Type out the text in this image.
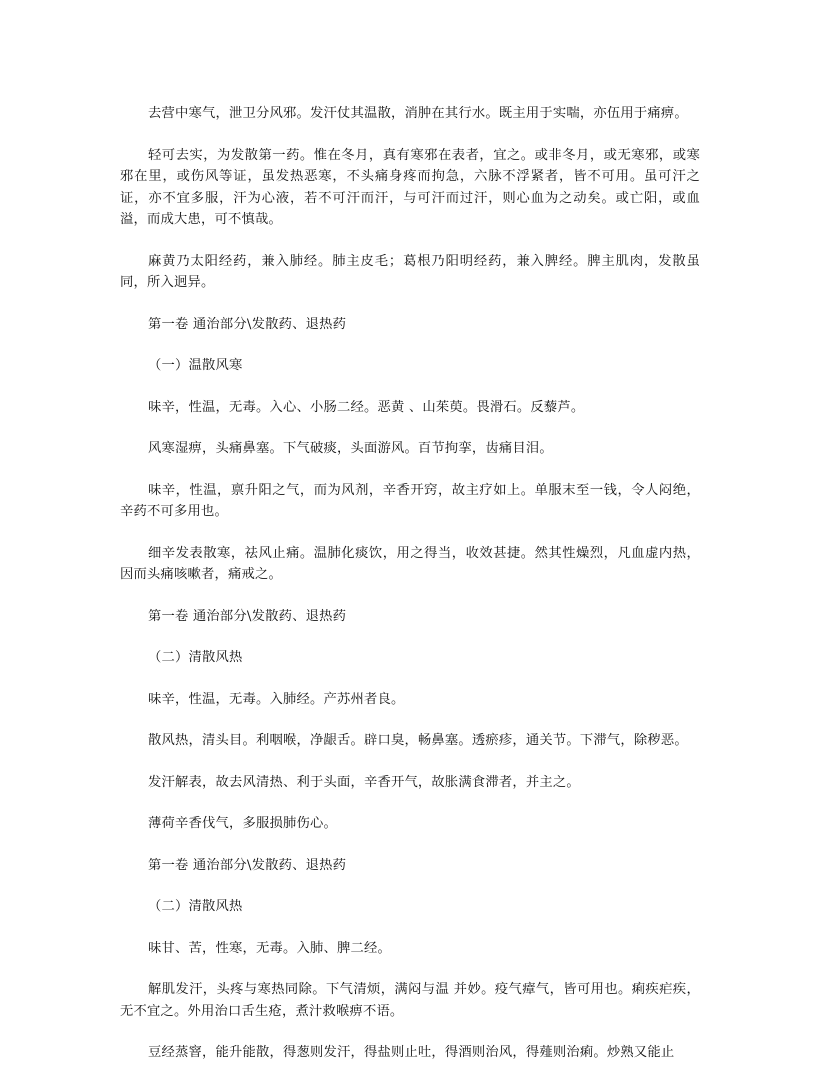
去营中寒气，泄卫分风邪。发汗仗其温散，消肿在其行水。既主用于实喘，亦伍用于痛痹。

轻可去实，为发散第一药。惟在冬月，真有寒邪在表者，宜之。或非冬月，或无寒邪，或寒邪在里，或伤风等证，虽发热恶寒，不头痛身疼而拘急，六脉不浮紧者，皆不可用。虽可汗之证，亦不宜多服，汗为心液，若不可汗而汗，与可汗而过汗，则心血为之动矣。或亡阳，或血溢，而成大患，可不慎哉。

麻黄乃太阳经药，兼入肺经。肺主皮毛；葛根乃阳明经药，兼入脾经。脾主肌肉，发散虽同，所入迥异。

第一卷 通治部分\发散药、退热药

（一）温散风寒

味辛，性温，无毒。入心、小肠二经。恶黄 、山茱萸。畏滑石。反藜芦。

风寒湿痹，头痛鼻塞。下气破痰，头面游风。百节拘挛，齿痛目泪。

味辛，性温，禀升阳之气，而为风剂，辛香开窍，故主疗如上。单服末至一钱，令人闷绝，辛药不可多用也。

细辛发表散寒，祛风止痛。温肺化痰饮，用之得当，收效甚捷。然其性燥烈，凡血虚内热，因而头痛咳嗽者，痛戒之。

第一卷 通治部分\发散药、退热药

（二）清散风热

味辛，性温，无毒。入肺经。产苏州者良。

散风热，清头目。利咽喉，净龈舌。辟口臭，畅鼻塞。透瘀疹，通关节。下滞气，除秽恶。

发汗解表，故去风清热、利于头面，辛香开气，故胀满食滞者，并主之。

薄荷辛香伐气，多服损肺伤心。

第一卷 通治部分\发散药、退热药

（二）清散风热

味甘、苦，性寒，无毒。入肺、脾二经。

解肌发汗，头疼与寒热同除。下气清烦，满闷与温 并妙。疫气瘴气，皆可用也。痢疾疟疾，无不宜之。外用治口舌生疮，煮汁救喉痹不语。

豆经蒸窨，能升能散，得葱则发汗，得盐则止吐，得酒则治风，得薤则治痢。炒熟又能止
